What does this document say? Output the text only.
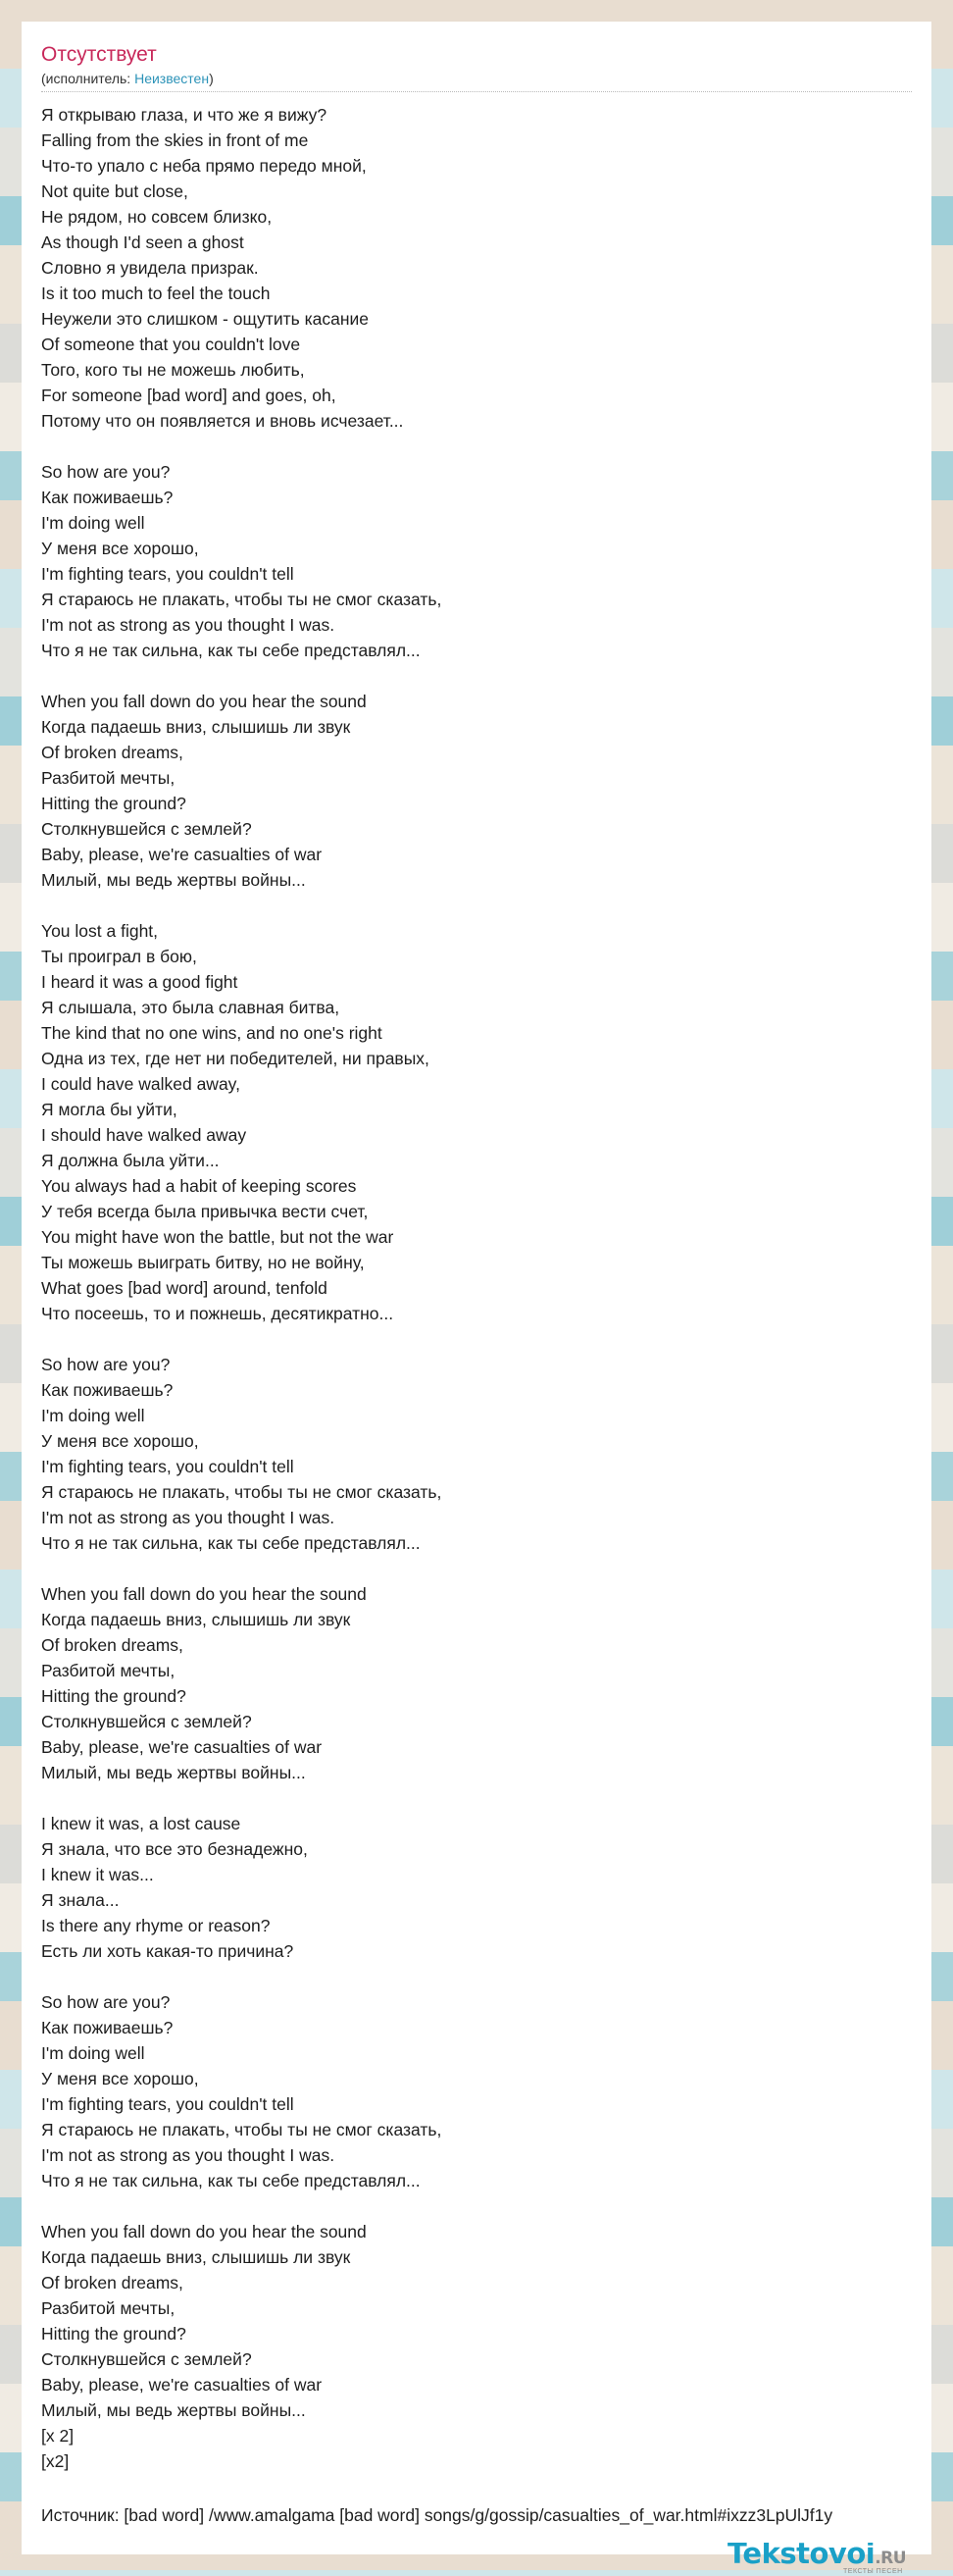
Отсутствует
(исполнитель: Неизвестен)
Я открываю глаза, и что же я вижу?
Falling from the skies in front of me
Что-то упало с неба прямо передо мной,
Not quite but close,
Не рядом, но совсем близко,
As though I'd seen a ghost
Словно я увидела призрак.
Is it too much to feel the touch
Неужели это слишком - ощутить касание
Of someone that you couldn't love
Того, кого ты не можешь любить,
For someone [bad word] and goes, oh,
Потому что он появляется и вновь исчезает...
So how are you?
Как поживаешь?
I'm doing well
У меня все хорошо,
I'm fighting tears, you couldn't tell
Я стараюсь не плакать, чтобы ты не смог сказать,
I'm not as strong as you thought I was.
Что я не так сильна, как ты себе представлял...
When you fall down do you hear the sound
Когда падаешь вниз, слышишь ли звук
Of broken dreams,
Разбитой мечты,
Hitting the ground?
Столкнувшейся с землей?
Baby, please, we're casualties of war
Милый, мы ведь жертвы войны...
You lost a fight,
Ты проиграл в бою,
I heard it was a good fight
Я слышала, это была славная битва,
The kind that no one wins, and no one's right
Одна из тех, где нет ни победителей, ни правых,
I could have walked away,
Я могла бы уйти,
I should have walked away
Я должна была уйти...
You always had a habit of keeping scores
У тебя всегда была привычка вести счет,
You might have won the battle, but not the war
Ты можешь выиграть битву, но не войну,
What goes [bad word] around, tenfold
Что посеешь, то и пожнешь, десятикратно...
So how are you?
Как поживаешь?
I'm doing well
У меня все хорошо,
I'm fighting tears, you couldn't tell
Я стараюсь не плакать, чтобы ты не смог сказать,
I'm not as strong as you thought I was.
Что я не так сильна, как ты себе представлял...
When you fall down do you hear the sound
Когда падаешь вниз, слышишь ли звук
Of broken dreams,
Разбитой мечты,
Hitting the ground?
Столкнувшейся с землей?
Baby, please, we're casualties of war
Милый, мы ведь жертвы войны...
I knew it was, a lost cause
Я знала, что все это безнадежно,
I knew it was...
Я знала...
Is there any rhyme or reason?
Есть ли хоть какая-то причина?
So how are you?
Как поживаешь?
I'm doing well
У меня все хорошо,
I'm fighting tears, you couldn't tell
Я стараюсь не плакать, чтобы ты не смог сказать,
I'm not as strong as you thought I was.
Что я не так сильна, как ты себе представлял...
When you fall down do you hear the sound
Когда падаешь вниз, слышишь ли звук
Of broken dreams,
Разбитой мечты,
Hitting the ground?
Столкнувшейся с землей?
Baby, please, we're casualties of war
Милый, мы ведь жертвы войны...
[x 2]
[x2]
Источник: [bad word] /www.amalgama [bad word] songs/g/gossip/casualties_of_war.html#ixzz3LpUlJf1y
Tekstovoi.RU
ТЕКСТЫ ПЕСЕН
